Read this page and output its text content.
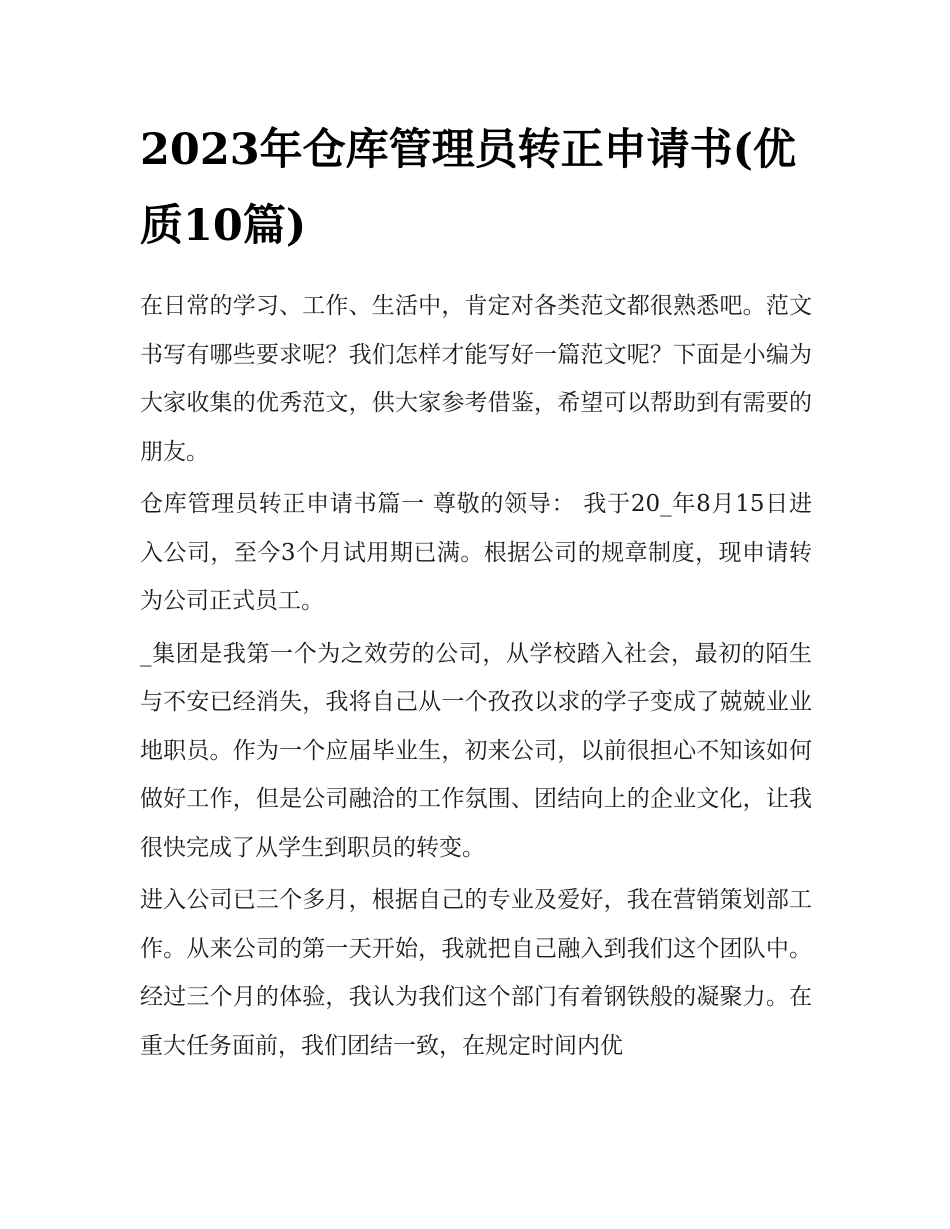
2023年仓库管理员转正申请书(优质10篇)

在日常的学习、工作、生活中，肯定对各类范文都很熟悉吧。范文书写有哪些要求呢？我们怎样才能写好一篇范文呢？下面是小编为大家收集的优秀范文，供大家参考借鉴，希望可以帮助到有需要的朋友。

仓库管理员转正申请书篇一 尊敬的领导： 我于20_年8月15日进入公司，至今3个月试用期已满。根据公司的规章制度，现申请转为公司正式员工。

_集团是我第一个为之效劳的公司，从学校踏入社会，最初的陌生与不安已经消失，我将自己从一个孜孜以求的学子变成了兢兢业业地职员。作为一个应届毕业生，初来公司，以前很担心不知该如何做好工作，但是公司融洽的工作氛围、团结向上的企业文化，让我很快完成了从学生到职员的转变。

进入公司已三个多月，根据自己的专业及爱好，我在营销策划部工作。从来公司的第一天开始，我就把自己融入到我们这个团队中。经过三个月的体验，我认为我们这个部门有着钢铁般的凝聚力。在重大任务面前，我们团结一致，在规定时间内优
